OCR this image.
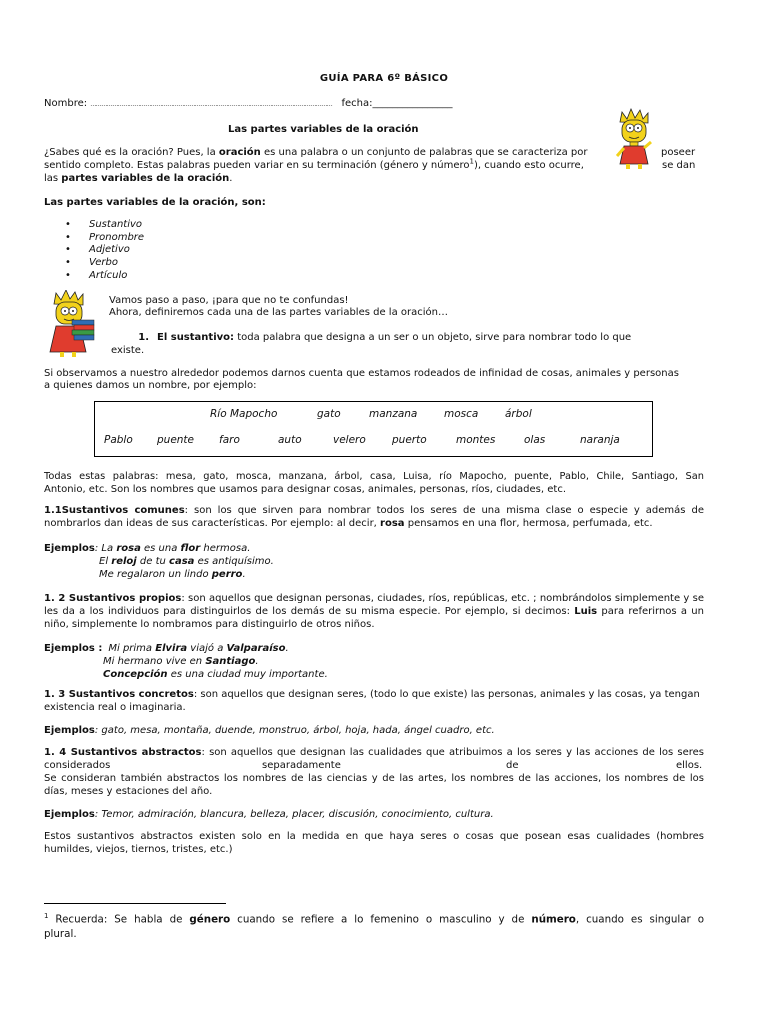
GUÍA PARA 6º BÁSICO
Nombre: …………………………………………………………………………………………………………………… fecha:________________
Las partes variables de la oración
¿Sabes qué es la oración? Pues, la oración es una palabra o un conjunto de palabras que se caracteriza por	poseer
sentido completo. Estas palabras pueden variar en su terminación (género y número$^1$), cuando esto ocurre,	se dan
las partes variables de la oración.
Las partes variables de la oración, son:
• Sustantivo
• Pronombre
• Adjetivo
• Verbo
• Artículo
Vamos paso a paso, ¡para que no te confundas!
Ahora, definiremos cada una de las partes variables de la oración…
1. El sustantivo: toda palabra que designa a un ser o un objeto, sirve para nombrar todo lo que
existe.
Si observamos a nuestro alrededor podemos darnos cuenta que estamos rodeados de infinidad de cosas, animales y personas
a quienes damos un nombre, por ejemplo:
Río Mapocho	gato	manzana	mosca	árbol
Pablo puente faro	auto	velero puerto	montes	olas	naranja
Todas estas palabras: mesa, gato, mosca, manzana, árbol, casa, Luisa, río Mapocho, puente, Pablo, Chile, Santiago, San
Antonio, etc. Son los nombres que usamos para designar cosas, animales, personas, ríos, ciudades, etc.
1.1Sustantivos comunes: son los que sirven para nombrar todos los seres de una misma clase o especie y además de
nombrarlos dan ideas de sus características. Por ejemplo: al decir, rosa pensamos en una flor, hermosa, perfumada, etc.
Ejemplos: La rosa es una flor hermosa.
El reloj de tu casa es antiquísimo.
Me regalaron un lindo perro.
1. 2 Sustantivos propios: son aquellos que designan personas, ciudades, ríos, repúblicas, etc. ; nombrándolos simplemente y se
les da a los individuos para distinguirlos de los demás de su misma especie. Por ejemplo, si decimos: Luis para referirnos a un
niño, simplemente lo nombramos para distinguirlo de otros niños.
Ejemplos : Mi prima Elvira viajó a Valparaíso.
Mi hermano vive en Santiago.
Concepción es una ciudad muy importante.
1. 3 Sustantivos concretos: son aquellos que designan seres, (todo lo que existe) las personas, animales y las cosas, ya tengan
existencia real o imaginaria.
Ejemplos: gato, mesa, montaña, duende, monstruo, árbol, hoja, hada, ángel cuadro, etc.
1. 4 Sustantivos abstractos: son aquellos que designan las cualidades que atribuimos a los seres y las acciones de los seres
considerados	separadamente	de	ellos.
Se consideran también abstractos los nombres de las ciencias y de las artes, los nombres de las acciones, los nombres de los
días, meses y estaciones del año.
Ejemplos: Temor, admiración, blancura, belleza, placer, discusión, conocimiento, cultura.
Estos sustantivos abstractos existen solo en la medida en que haya seres o cosas que posean esas cualidades (hombres
humildes, viejos, tiernos, tristes, etc.)
$^1$ Recuerda: Se habla de género cuando se refiere a lo femenino o masculino y de número, cuando es singular o
plural.
